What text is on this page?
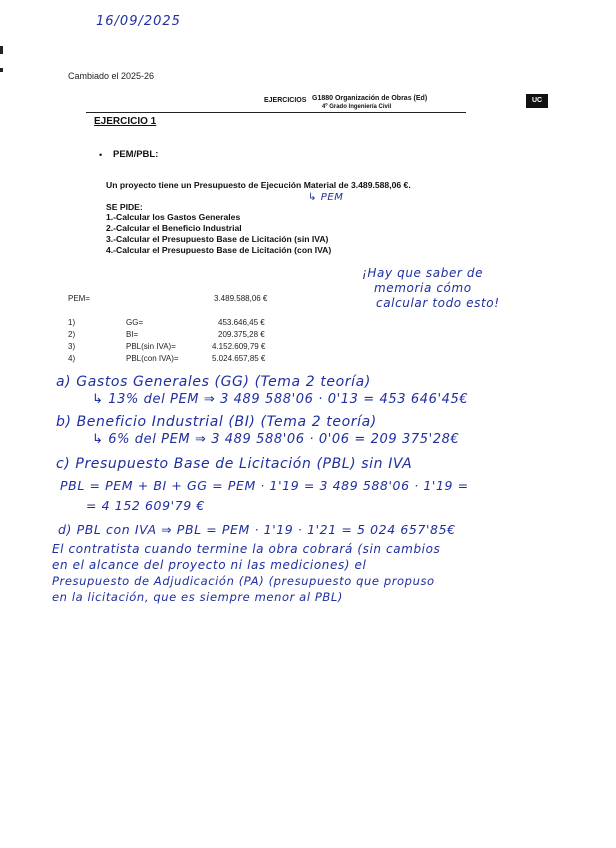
16/09/2025
Cambiado el 2025-26
EJERCICIOS G1880 Organización de Obras (Ed)
4º Grado Ingeniería Civil
UC
EJERCICIO 1
• PEM/PBL:
Un proyecto tiene un Presupuesto de Ejecución Material de 3.489.588,06 €.
↳ PEM
SE PIDE:
1.-Calcular los Gastos Generales
2.-Calcular el Beneficio Industrial
3.-Calcular el Presupuesto Base de Licitación (sin IVA)
4.-Calcular el Presupuesto Base de Licitación (con IVA)
¡Hay que saber de
memoria cómo
calcular todo esto!
PEM=	3.489.588,06 €
1)	GG=	453.646,45 €
2)	BI=	209.375,28 €
3)	PBL(sin IVA)=	4.152.609,79 €
4)	PBL(con IVA)=	5.024.657,85 €
a) Gastos Generales (GG) (Tema 2 teoría)
↳ 13% del PEM ⇒ 3 489 588'06 · 0'13 = 453 646'45€
b) Beneficio Industrial (BI) (Tema 2 teoría)
↳ 6% del PEM ⇒ 3 489 588'06 · 0'06 = 209 375'28€
c) Presupuesto Base de Licitación (PBL) sin IVA
PBL = PEM + BI + GG = PEM · 1'19 = 3 489 588'06 · 1'19 =
= 4 152 609'79 €
d) PBL con IVA ⇒ PBL = PEM · 1'19 · 1'21 = 5 024 657'85€
El contratista cuando termine la obra cobrará (sin cambios
en el alcance del proyecto ni las mediciones) el
Presupuesto de Adjudicación (PA) (presupuesto que propuso
en la licitación, que es siempre menor al PBL)
